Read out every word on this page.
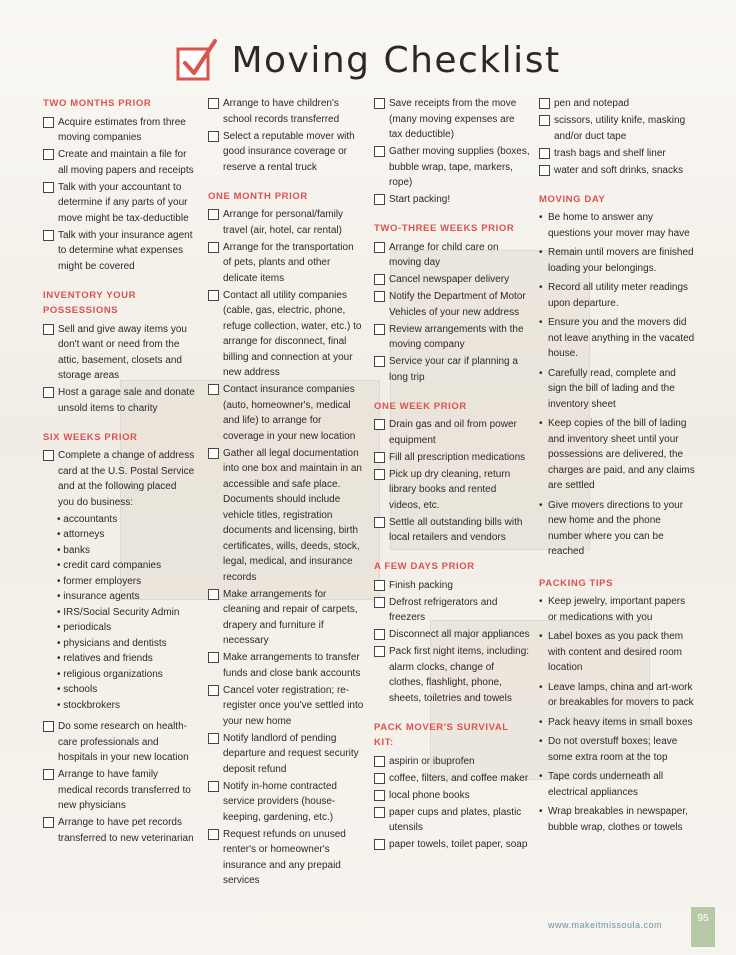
Moving Checklist
TWO MONTHS PRIOR
Acquire estimates from three moving companies
Create and maintain a file for all moving papers and receipts
Talk with your accountant to determine if any parts of your move might be tax-deductible
Talk with your insurance agent to determine what expenses might be covered
INVENTORY YOUR POSSESSIONS
Sell and give away items you don't want or need from the attic, basement, closets and storage areas
Host a garage sale and donate unsold items to charity
SIX WEEKS PRIOR
Complete a change of address card at the U.S. Postal Service and at the following placed you do business:
• accountants
• attorneys
• banks
• credit card companies
• former employers
• insurance agents
• IRS/Social Security Admin
• periodicals
• physicians and dentists
• relatives and friends
• religious organizations
• schools
• stockbrokers
Do some research on health-care professionals and hospitals in your new location
Arrange to have family medical records transferred to new physicians
Arrange to have pet records transferred to new veterinarian
Arrange to have children's school records transferred
Select a reputable mover with good insurance coverage or reserve a rental truck
ONE MONTH PRIOR
Arrange for personal/family travel (air, hotel, car rental)
Arrange for the transportation of pets, plants and other delicate items
Contact all utility companies (cable, gas, electric, phone, refuge collection, water, etc.) to arrange for disconnect, final billing and connection at your new address
Contact insurance companies (auto, homeowner's, medical and life) to arrange for coverage in your new location
Gather all legal documentation into one box and maintain in an accessible and safe place. Documents should include vehicle titles, registration documents and licensing, birth certificates, wills, deeds, stock, legal, medical, and insurance records
Make arrangements for cleaning and repair of carpets, drapery and furniture if necessary
Make arrangements to transfer funds and close bank accounts
Cancel voter registration; re-register once you've settled into your new home
Notify landlord of pending departure and request security deposit refund
Notify in-home contracted service providers (house-keeping, gardening, etc.)
Request refunds on unused renter's or homeowner's insurance and any prepaid services
Save receipts from the move (many moving expenses are tax deductible)
Gather moving supplies (boxes, bubble wrap, tape, markers, rope)
Start packing!
TWO-THREE WEEKS PRIOR
Arrange for child care on moving day
Cancel newspaper delivery
Notify the Department of Motor Vehicles of your new address
Review arrangements with the moving company
Service your car if planning a long trip
ONE WEEK PRIOR
Drain gas and oil from power equipment
Fill all prescription medications
Pick up dry cleaning, return library books and rented videos, etc.
Settle all outstanding bills with local retailers and vendors
A FEW DAYS PRIOR
Finish packing
Defrost refrigerators and freezers
Disconnect all major appliances
Pack first night items, including: alarm clocks, change of clothes, flashlight, phone, sheets, toiletries and towels
PACK MOVER'S SURVIVAL KIT:
aspirin or ibuprofen
coffee, filters, and coffee maker
local phone books
paper cups and plates, plastic utensils
paper towels, toilet paper, soap
pen and notepad
scissors, utility knife, masking and/or duct tape
trash bags and shelf liner
water and soft drinks, snacks
MOVING DAY
• Be home to answer any questions your mover may have
• Remain until movers are finished loading your belongings.
• Record all utility meter readings upon departure.
• Ensure you and the movers did not leave anything in the vacated house.
• Carefully read, complete and sign the bill of lading and the inventory sheet
• Keep copies of the bill of lading and inventory sheet until your possessions are delivered, the charges are paid, and any claims are settled
• Give movers directions to your new home and the phone number where you can be reached
PACKING TIPS
• Keep jewelry, important papers or medications with you
• Label boxes as you pack them with content and desired room location
• Leave lamps, china and art-work or breakables for movers to pack
• Pack heavy items in small boxes
• Do not overstuff boxes; leave some extra room at the top
• Tape cords underneath all electrical appliances
• Wrap breakables in newspaper, bubble wrap, clothes or towels
www.makeitmissoula.com
95
